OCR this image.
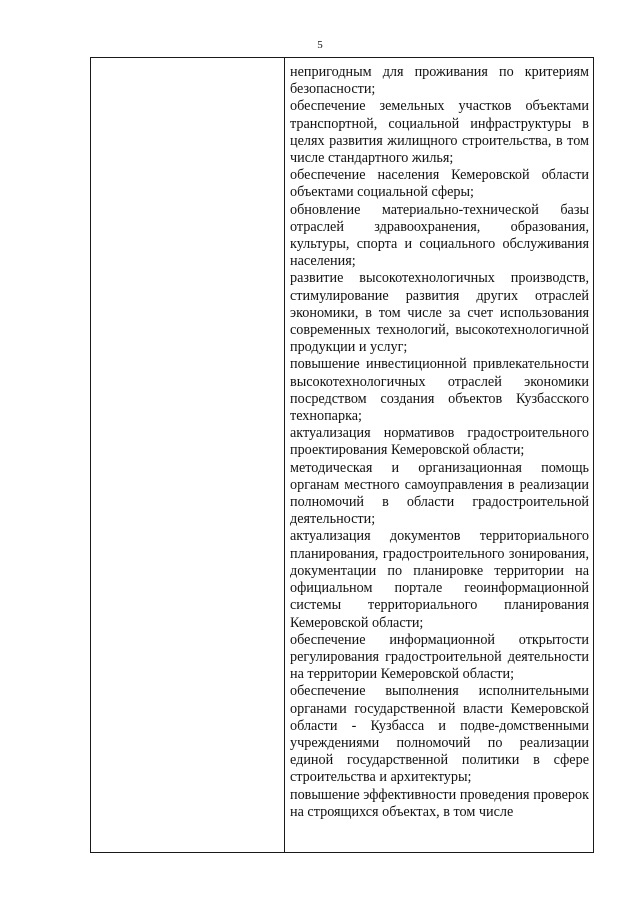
5

непригодным для проживания по критериям безопасности;

обеспечение земельных участков объектами транспортной, социальной инфраструктуры в целях развития жилищного строительства, в том числе стандартного жилья;

обеспечение населения Кемеровской области объектами социальной сферы;

обновление материально-технической базы отраслей здравоохранения, образования, культуры, спорта и социального обслуживания населения;

развитие высокотехнологичных производств, стимулирование развития других отраслей экономики, в том числе за счет использования современных технологий, высокотехнологичной продукции и услуг;

повышение инвестиционной привлекательности высокотехнологичных отраслей экономики посредством создания объектов Кузбасского технопарка;

актуализация нормативов градостроительного проектирования Кемеровской области;

методическая и организационная помощь органам местного самоуправления в реализации полномочий в области градостроительной деятельности;

актуализация документов территориального планирования, градостроительного зонирования, документации по планировке территории на официальном портале геоинформационной системы территориального планирования Кемеровской области;

обеспечение информационной открытости регулирования градостроительной деятельности на территории Кемеровской области;

обеспечение выполнения исполнительными органами государственной власти Кемеровской области - Кузбасса и подве-домственными учреждениями полномочий по реализации единой государственной политики в сфере строительства и архитектуры;

повышение эффективности проведения проверок на строящихся объектах, в том числе
